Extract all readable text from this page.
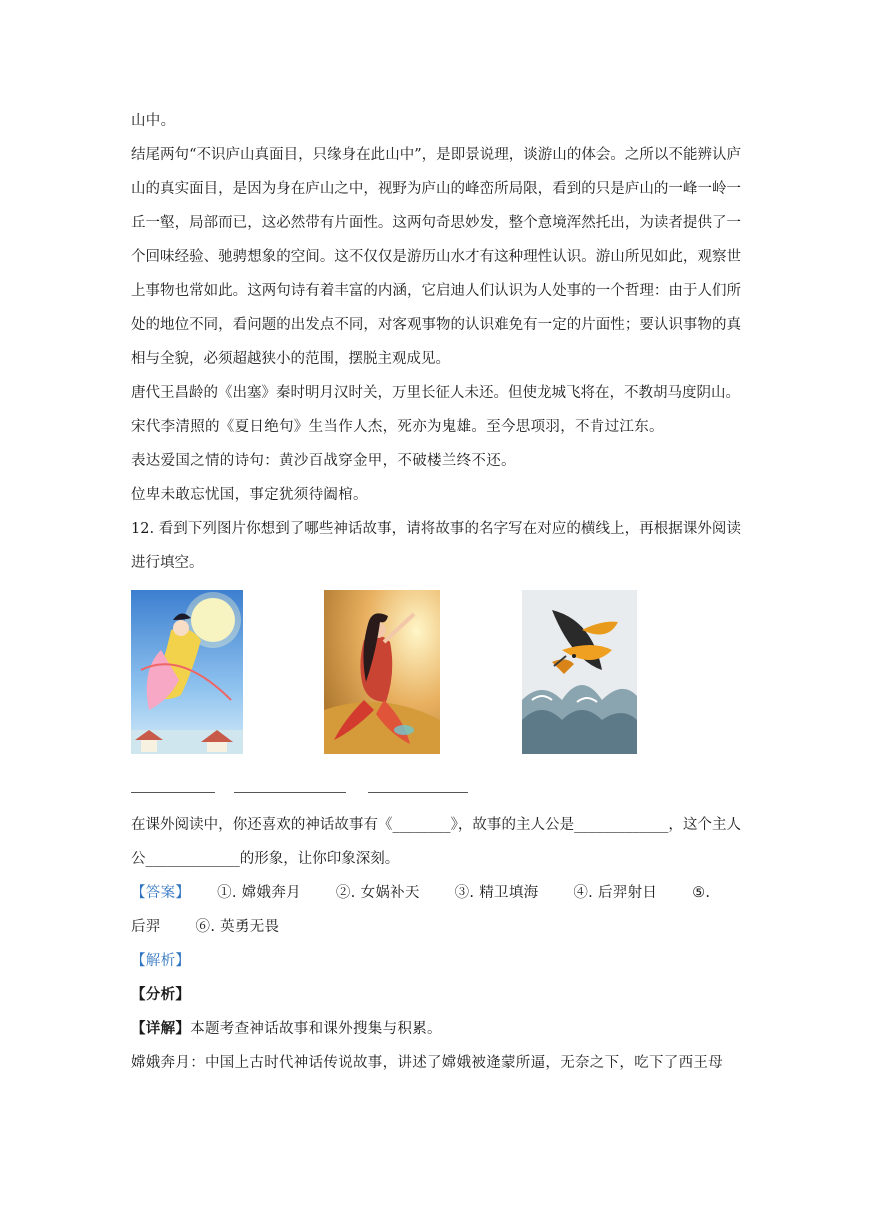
山中。
结尾两句“不识庐山真面目，只缘身在此山中”，是即景说理，谈游山的体会。之所以不能辨认庐山的真实面目，是因为身在庐山之中，视野为庐山的峰峦所局限，看到的只是庐山的一峰一岭一丘一壑，局部而已，这必然带有片面性。这两句奇思妙发，整个意境浑然托出，为读者提供了一个回味经验、驰骋想象的空间。这不仅仅是游历山水才有这种理性认识。游山所见如此，观察世上事物也常如此。这两句诗有着丰富的内涵，它启迪人们认识为人处事的一个哲理：由于人们所处的地位不同，看问题的出发点不同，对客观事物的认识难免有一定的片面性；要认识事物的真相与全貌，必须超越狭小的范围，摆脱主观成见。
唐代王昌龄的《出塞》秦时明月汉时关，万里长征人未还。但使龙城飞将在，不教胡马度阴山。
宋代李清照的《夏日绝句》生当作人杰，死亦为鬼雄。至今思项羽，不肯过江东。
表达爱国之情的诗句：黄沙百战穿金甲，不破楼兰终不还。
位卑未敢忘忧国，事定犹须待阖棺。
12. 看到下列图片你想到了哪些神话故事，请将故事的名字写在对应的横线上，再根据课外阅读进行填空。
在课外阅读中，你还喜欢的神话故事有《________》，故事的主人公是_____________，这个主人公_____________的形象，让你印象深刻。
【答案】 ①. 嫦娥奔月 ②. 女娲补天 ③. 精卫填海 ④. 后羿射日 ⑤.
后羿 ⑥. 英勇无畏
【解析】
【分析】
【详解】本题考查神话故事和课外搜集与积累。
嫦娥奔月：中国上古时代神话传说故事，讲述了嫦娥被逄蒙所逼，无奈之下，吃下了西王母
